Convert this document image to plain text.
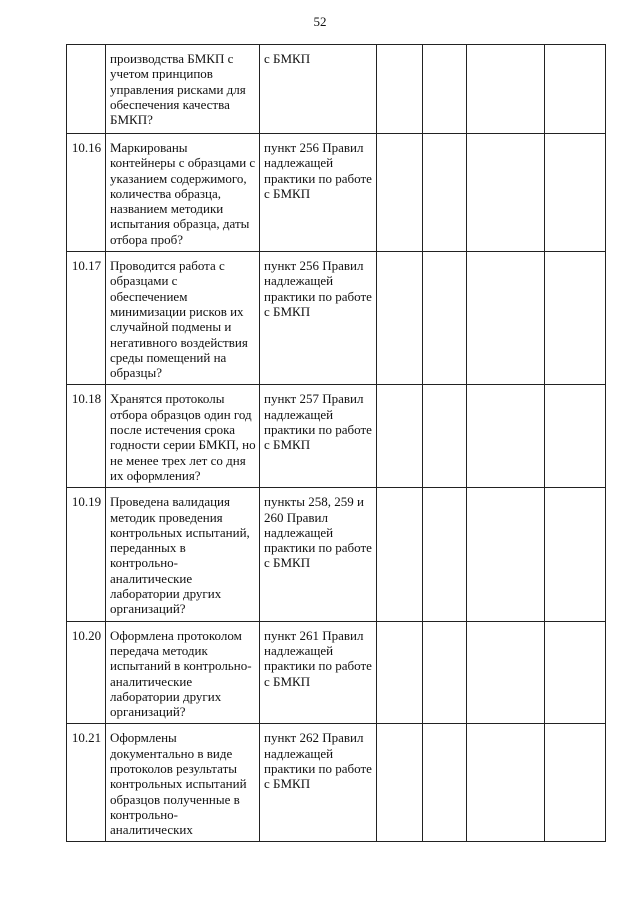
52
	производства БМКП с учетом принципов управления рисками для обеспечения качества БМКП?	с БМКП				
10.16	Маркированы контейнеры с образцами с указанием содержимого, количества образца, названием методики испытания образца, даты отбора проб?	пункт 256 Правил надлежащей практики по работе с БМКП				
10.17	Проводится работа с образцами с обеспечением минимизации рисков их случайной подмены и негативного воздействия среды помещений на образцы?	пункт 256 Правил надлежащей практики по работе с БМКП				
10.18	Хранятся протоколы отбора образцов один год после истечения срока годности серии БМКП, но не менее трех лет со дня их оформления?	пункт 257 Правил надлежащей практики по работе с БМКП				
10.19	Проведена валидация методик проведения контрольных испытаний, переданных в контрольно-аналитические лаборатории других организаций?	пункты 258, 259 и 260 Правил надлежащей практики по работе с БМКП				
10.20	Оформлена протоколом передача методик испытаний в контрольно-аналитические лаборатории других организаций?	пункт 261 Правил надлежащей практики по работе с БМКП				
10.21	Оформлены документально в виде протоколов результаты контрольных испытаний образцов полученные в контрольно-аналитических	пункт 262 Правил надлежащей практики по работе с БМКП				
